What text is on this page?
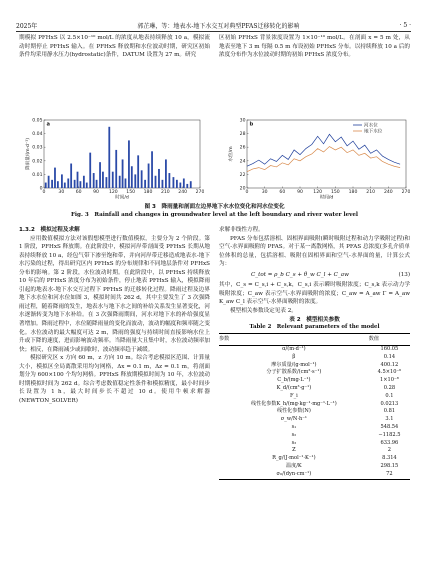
2025年	郭芷琳，等：地表水-地下水交互对典型PFAS迁移转化的影响	· 5 ·

期模拟 PFHxS 以 2.5×10⁻¹⁰ mol/L 的浓度从地表持续释放 10 a，模拟流动时期停止 PFHxS 输入。在 PFHxS 释放期和水位波动时期，研究区初始条件均采用静水压力(hydrostatic)条件，DATUM 设置为 27 m。研究

区初始 PFHxS 背景浓度设置为 1×10⁻¹⁰ mol/L。在剖面 x = 5 m 处，从地表至地下 3 m 每隔 0.5 m 布设初始 PFHxS 分布。以持续释放 10 a 后的浓度分布作为水位波动时期的初始 PFHxS 浓度分布。

0	30 60 90 120 150 180 210 240 270
0
0.01
0.02
0.03
0.04
0.05
时间/d
降雨量/(m·d⁻¹)
a
0	30	60	90 120 150 180 210 240 270
20
22
24
26
28
30
时间/d
水位/m
b	河水位
地下水位
图 3　降雨量和剖面左边界地下水水位变化和河水位变化
Fig. 3　Rainfall and changes in groundwater level at the left boundary and river water level

1.3.2　模拟过程及求解

应用数值模拟方法对该假想模型进行数值模拟，主要分为 2 个阶段。第 1 阶段，PFHxS 释放期。在此阶段中，模拟河岸带剖面受 PFHxS 长期从地表持续释放 10 a，经包气带下渗至饱和带，并向河岸带迁移造成地表水-地下水污染的过程，得出研究区内 PFHxS 的分布规律和不同地层条件对 PFHxS 分布的影响。第 2 阶段，水位波动时期。在此阶段中，以 PFHxS 持续释放 10 年后的 PFHxS 浓度分布为初始条件，停止地表 PFHxS 输入，模拟降雨引起的地表水-地下水交互过程下 PFHxS 的迁移转化过程。降雨过程及边界地下水水位和河水位如图 3，模拟时间共 262 d，其中主要发生了 3 次强降雨过程，随着降雨的发生，地表水与地下水之间的补给关系发生显著变化，河水逐渐转变为地下水补给。在 3 次强降雨期间，河水对地下水的补给强度显著增加。降雨过程中，水位随降雨量的变化而波动，波动的幅度和频率随之变化。水位波动的最大幅度可达 2 m，降雨的强度与持续时间直接影响水位上升或下降的速度，进而影响波动频率。当降雨量大且集中时，水位波动频率加快；相反，在降雨减少或间歇时，波动频率趋于减缓。

模拟研究区 x 方向 60 m，z 方向 10 m。综合考虑模拟区范围、计算量大小，模拟区全局离散采用均匀网格，Δx = 0.1 m，Δz = 0.1 m，将剖面划分为 600×100 个均匀网格。PFHxS 释放期模拟时间为 10 年，水位波动时期模拟时间为 262 d。综合考虑数值稳定性条件和模拟精度，最小时间步长设置为 1 h，最大时间步长不超过 10 d。使用牛顿求解器(NEWTON_SOLVER)

求解非线性方程。

PFAS 分布包括溶相、固相界面吸附(瞬时吸附过程和动力学吸附过程)和空气-水界面吸附的 PFAS。对于某一离散网格，其 PFAS 总浓度(多孔介质单位体积的总量，包括溶相、吸附在固相界面和空气-水界面的量，计算公式为：

C_tot = ρ_b C_s + θ_w C_l + C_aw	(13)

其中，C_s = C_s,i + C_s,k，C_s,i 表示瞬时吸附浓度；C_s,k 表示动力学吸附浓度；C_aw 表示空气-水界面吸附的浓度；C_aw = A_aw Γ = A_aw K_aw C_l 表示空气-水界面吸附的浓度。

模型相关参数设定见表 2。

表 2　模型相关参数
Table 2　Relevant parameters of the model
参数	数值
α/(m·d⁻¹)	160.05
β	0.14
摩尔质量/(g·mol⁻¹)	400.12
分子扩散系数/(cm²·s⁻¹)	4.5×10⁻⁶
C_b/(mg·L⁻¹)	1×10⁻⁸
K_d/(cm³·g⁻¹)	0.28
F_i	0.1
线性化参数K_h/(mg·kg⁻¹·mg⁻¹·L⁻¹)	0.0213
线性化参数(N)	0.81
σ_w/N·h⁻¹	3.1
s₁	548.54
s₂	−1182.5
s₃	633.96
Z	2
R_g/(J·mol⁻¹·K⁻¹)	8.314
温度/K	298.15
σ₀/(dyn·cm⁻¹)	72
